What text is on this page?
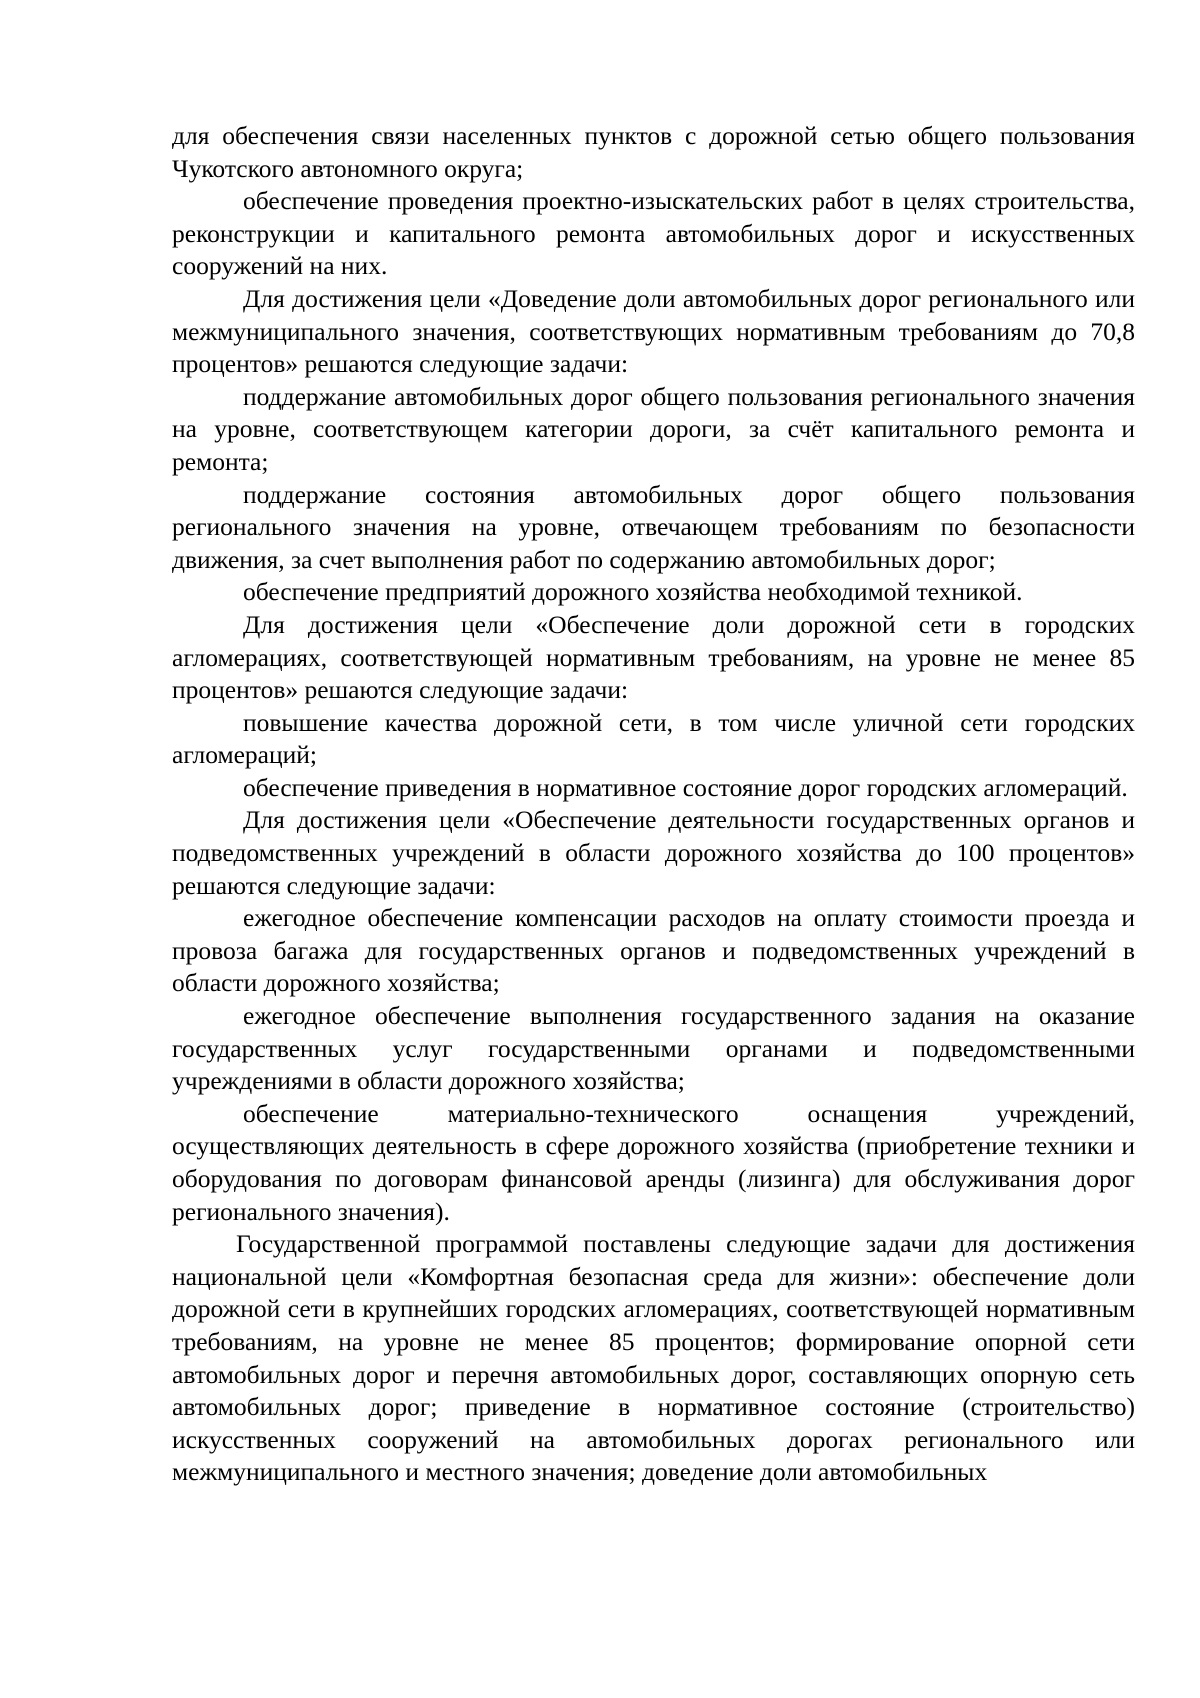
для обеспечения связи населенных пунктов с дорожной сетью общего пользования Чукотского автономного округа;

обеспечение проведения проектно-изыскательских работ в целях строительства, реконструкции и капитального ремонта автомобильных дорог и искусственных сооружений на них.

Для достижения цели «Доведение доли автомобильных дорог регионального или межмуниципального значения, соответствующих нормативным требованиям до 70,8 процентов» решаются следующие задачи:

поддержание автомобильных дорог общего пользования регионального значения на уровне, соответствующем категории дороги, за счёт капитального ремонта и ремонта;

поддержание состояния автомобильных дорог общего пользования регионального значения на уровне, отвечающем требованиям по безопасности движения, за счет выполнения работ по содержанию автомобильных дорог;

обеспечение предприятий дорожного хозяйства необходимой техникой.

Для достижения цели «Обеспечение доли дорожной сети в городских агломерациях, соответствующей нормативным требованиям, на уровне не менее 85 процентов» решаются следующие задачи:

повышение качества дорожной сети, в том числе уличной сети городских агломераций;

обеспечение приведения в нормативное состояние дорог городских агломераций.

Для достижения цели «Обеспечение деятельности государственных органов и подведомственных учреждений в области дорожного хозяйства до 100 процентов» решаются следующие задачи:

ежегодное обеспечение компенсации расходов на оплату стоимости проезда и провоза багажа для государственных органов и подведомственных учреждений в области дорожного хозяйства;

ежегодное обеспечение выполнения государственного задания на оказание государственных услуг государственными органами и подведомственными учреждениями в области дорожного хозяйства;

обеспечение материально-технического оснащения учреждений, осуществляющих деятельность в сфере дорожного хозяйства (приобретение техники и оборудования по договорам финансовой аренды (лизинга) для обслуживания дорог регионального значения).

Государственной программой поставлены следующие задачи для достижения национальной цели «Комфортная безопасная среда для жизни»: обеспечение доли дорожной сети в крупнейших городских агломерациях, соответствующей нормативным требованиям, на уровне не менее 85 процентов; формирование опорной сети автомобильных дорог и перечня автомобильных дорог, составляющих опорную сеть автомобильных дорог; приведение в нормативное состояние (строительство) искусственных сооружений на автомобильных дорогах регионального или межмуниципального и местного значения; доведение доли автомобильных
